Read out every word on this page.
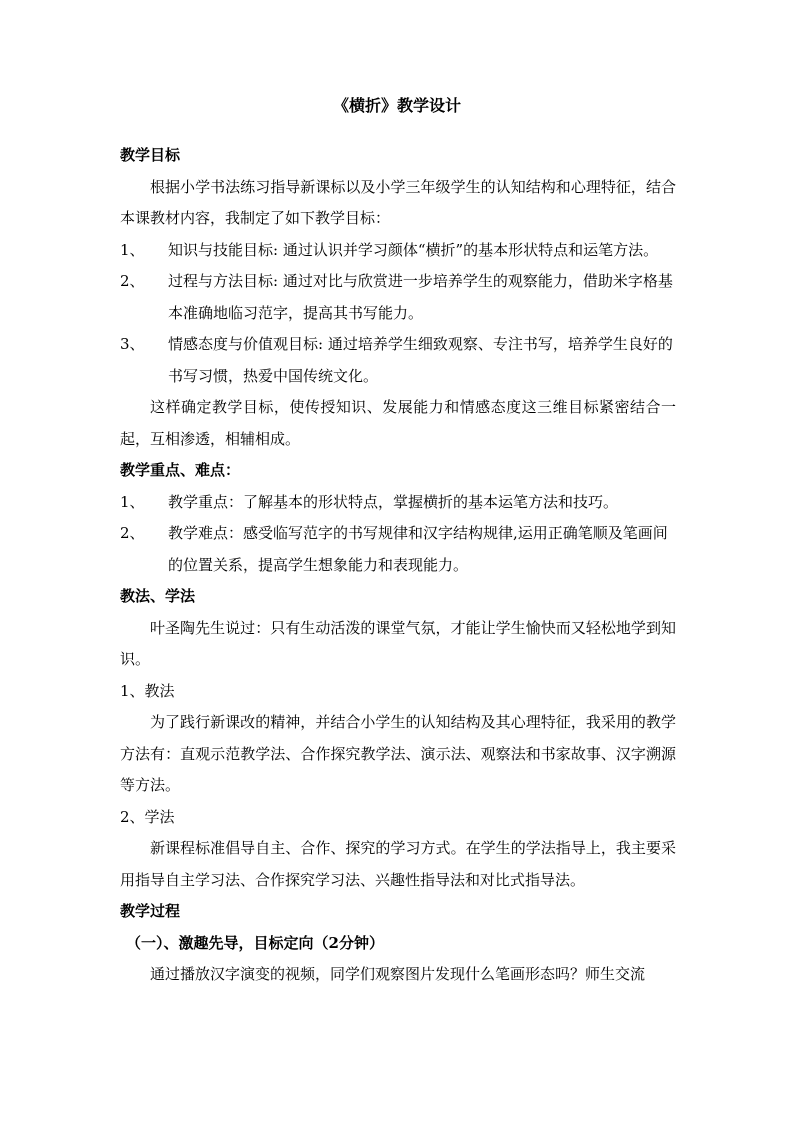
《横折》教学设计
教学目标
根据小学书法练习指导新课标以及小学三年级学生的认知结构和心理特征，结合本课教材内容，我制定了如下教学目标：
1、 知识与技能目标: 通过认识并学习颜体“横折”的基本形状特点和运笔方法。
2、 过程与方法目标: 通过对比与欣赏进一步培养学生的观察能力，借助米字格基本准确地临习范字，提高其书写能力。
3、 情感态度与价值观目标: 通过培养学生细致观察、专注书写，培养学生良好的书写习惯，热爱中国传统文化。
这样确定教学目标，使传授知识、发展能力和情感态度这三维目标紧密结合一起，互相渗透，相辅相成。
教学重点、难点：
1、 教学重点：了解基本的形状特点，掌握横折的基本运笔方法和技巧。
2、 教学难点：感受临写范字的书写规律和汉字结构规律,运用正确笔顺及笔画间的位置关系，提高学生想象能力和表现能力。
教法、学法
叶圣陶先生说过：只有生动活泼的课堂气氛，才能让学生愉快而又轻松地学到知识。
1、教法
为了践行新课改的精神，并结合小学生的认知结构及其心理特征，我采用的教学方法有：直观示范教学法、合作探究教学法、演示法、观察法和书家故事、汉字溯源等方法。
2、学法
新课程标准倡导自主、合作、探究的学习方式。在学生的学法指导上，我主要采用指导自主学习法、合作探究学习法、兴趣性指导法和对比式指导法。
教学过程
（一）、激趣先导，目标定向（2分钟）
通过播放汉字演变的视频，同学们观察图片发现什么笔画形态吗？师生交流
